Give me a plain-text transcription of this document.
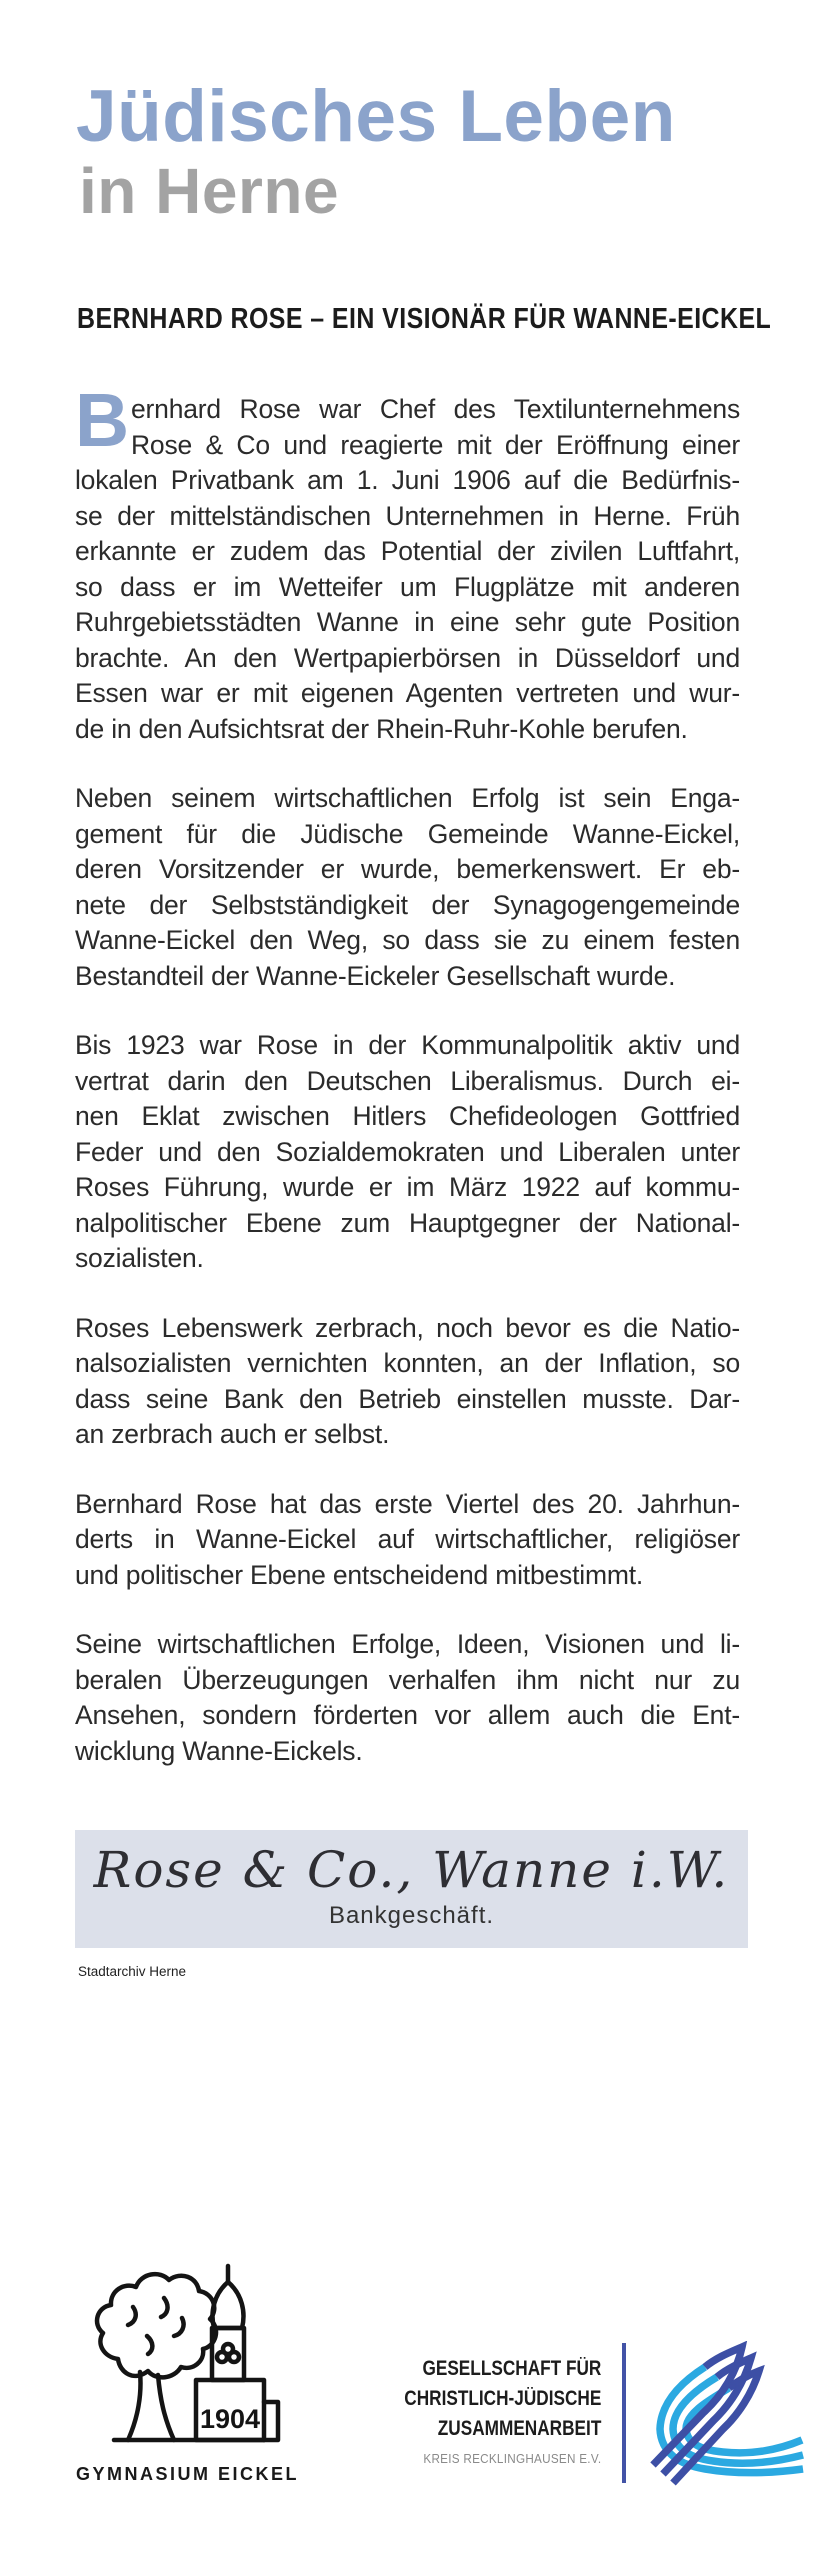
Jüdisches Leben
in Herne
BERNHARD ROSE – EIN VISIONÄR FÜR WANNE-EICKEL
B ernhard Rose war Chef des Textilunternehmens
Rose & Co und reagierte mit der Eröffnung einer
lokalen Privatbank am 1. Juni 1906 auf die Bedürfnis-
se der mittelständischen Unternehmen in Herne. Früh
erkannte er zudem das Potential der zivilen Luftfahrt,
so dass er im Wetteifer um Flugplätze mit anderen
Ruhrgebietsstädten Wanne in eine sehr gute Position
brachte. An den Wertpapierbörsen in Düsseldorf und
Essen war er mit eigenen Agenten vertreten und wur-
de in den Aufsichtsrat der Rhein-Ruhr-Kohle berufen.
Neben seinem wirtschaftlichen Erfolg ist sein Enga-
gement für die Jüdische Gemeinde Wanne-Eickel,
deren Vorsitzender er wurde, bemerkenswert. Er eb-
nete der Selbstständigkeit der Synagogengemeinde
Wanne-Eickel den Weg, so dass sie zu einem festen
Bestandteil der Wanne-Eickeler Gesellschaft wurde.
Bis 1923 war Rose in der Kommunalpolitik aktiv und
vertrat darin den Deutschen Liberalismus. Durch ei-
nen Eklat zwischen Hitlers Chefideologen Gottfried
Feder und den Sozialdemokraten und Liberalen unter
Roses Führung, wurde er im März 1922 auf kommu-
nalpolitischer Ebene zum Hauptgegner der National-
sozialisten.
Roses Lebenswerk zerbrach, noch bevor es die Natio-
nalsozialisten vernichten konnten, an der Inflation, so
dass seine Bank den Betrieb einstellen musste. Dar-
an zerbrach auch er selbst.
Bernhard Rose hat das erste Viertel des 20. Jahrhun-
derts in Wanne-Eickel auf wirtschaftlicher, religiöser
und politischer Ebene entscheidend mitbestimmt.
Seine wirtschaftlichen Erfolge, Ideen, Visionen und li-
beralen Überzeugungen verhalfen ihm nicht nur zu
Ansehen, sondern förderten vor allem auch die Ent-
wicklung Wanne-Eickels.
Rose & Co., Wanne i.W.
Bankgeschäft.
Stadtarchiv Herne
1904
GYMNASIUM EICKEL
GESELLSCHAFT FÜR
CHRISTLICH-JÜDISCHE
ZUSAMMENARBEIT
KREIS RECKLINGHAUSEN E.V.
